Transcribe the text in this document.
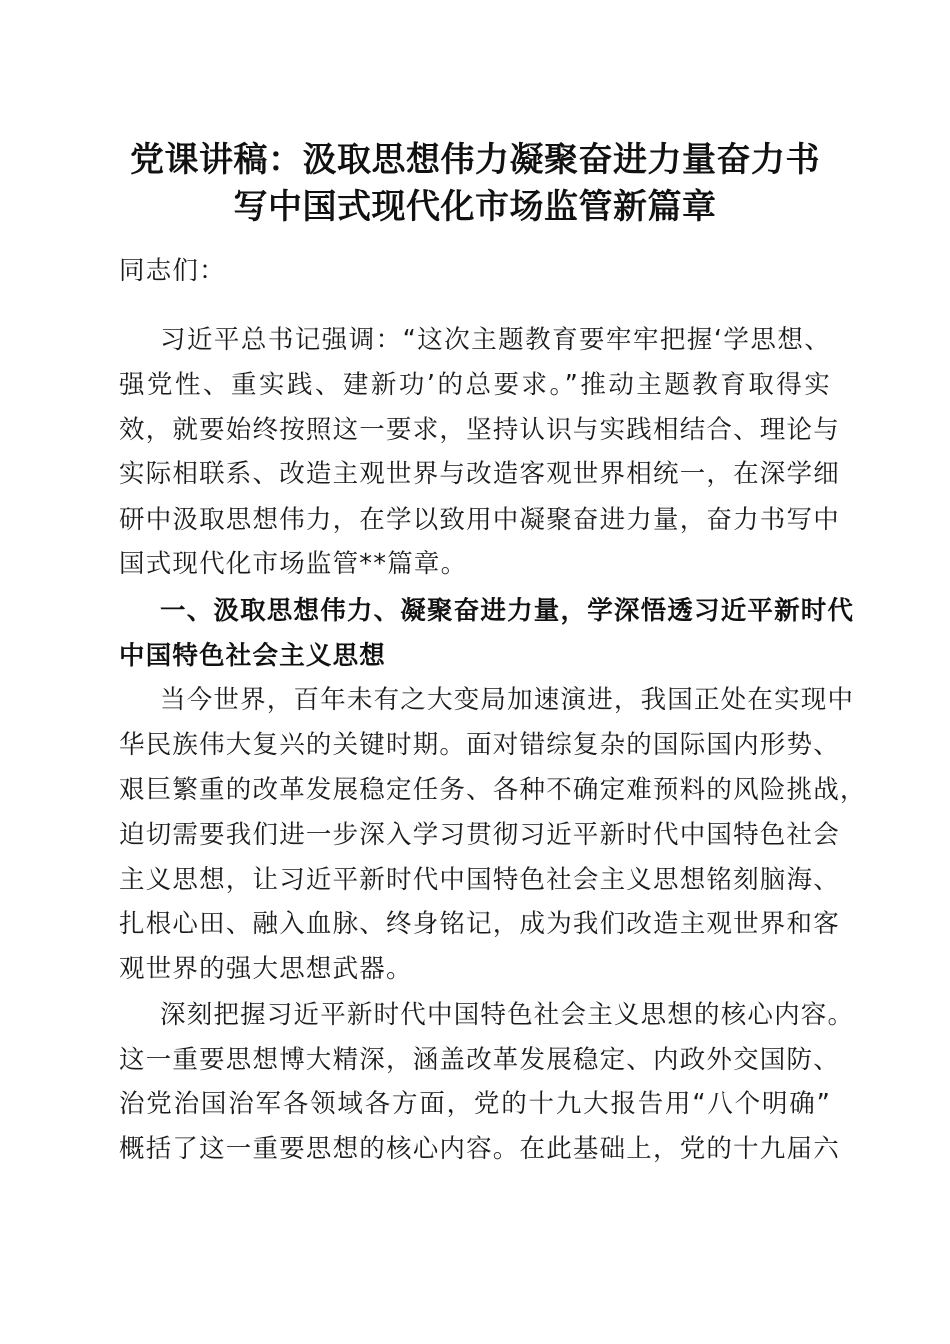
党课讲稿：汲取思想伟力凝聚奋进力量奋力书
写中国式现代化市场监管新篇章
同志们：
习近平总书记强调：“这次主题教育要牢牢把握‘学思想、
强党性、重实践、建新功’的总要求。”推动主题教育取得实
效，就要始终按照这一要求，坚持认识与实践相结合、理论与
实际相联系、改造主观世界与改造客观世界相统一，在深学细
研中汲取思想伟力，在学以致用中凝聚奋进力量，奋力书写中
国式现代化市场监管**篇章。
一、汲取思想伟力、凝聚奋进力量，学深悟透习近平新时代
中国特色社会主义思想
当今世界，百年未有之大变局加速演进，我国正处在实现中
华民族伟大复兴的关键时期。面对错综复杂的国际国内形势、
艰巨繁重的改革发展稳定任务、各种不确定难预料的风险挑战，
迫切需要我们进一步深入学习贯彻习近平新时代中国特色社会
主义思想，让习近平新时代中国特色社会主义思想铭刻脑海、
扎根心田、融入血脉、终身铭记，成为我们改造主观世界和客
观世界的强大思想武器。
深刻把握习近平新时代中国特色社会主义思想的核心内容。
这一重要思想博大精深，涵盖改革发展稳定、内政外交国防、
治党治国治军各领域各方面，党的十九大报告用“八个明确”
概括了这一重要思想的核心内容。在此基础上，党的十九届六
